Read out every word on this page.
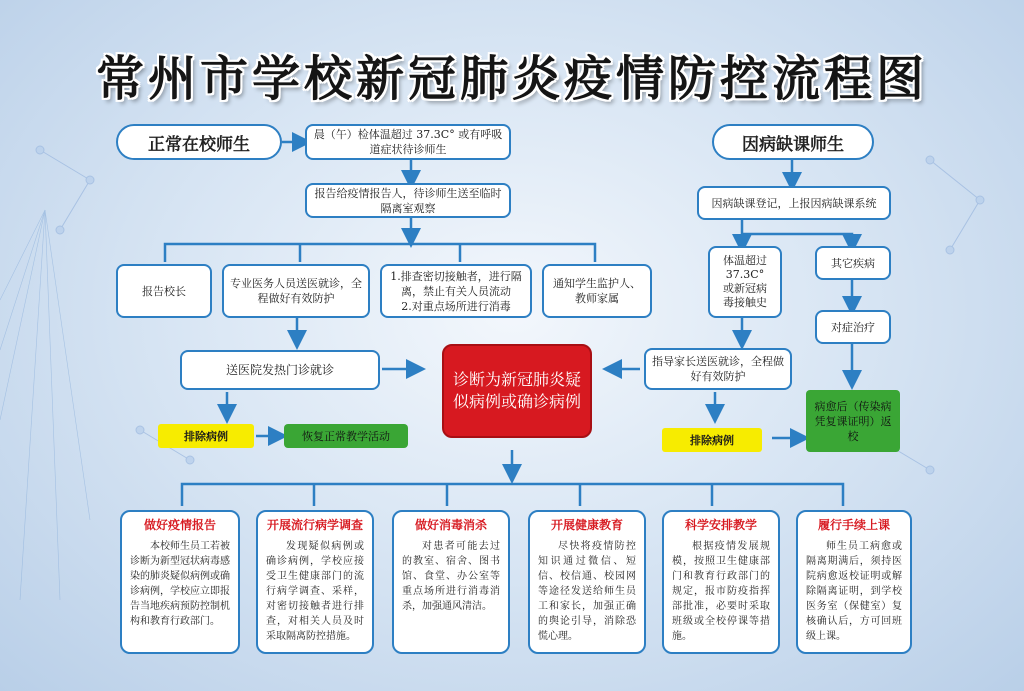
常州市学校新冠肺炎疫情防控流程图
正常在校师生	因病缺课师生
晨（午）检体温超过 37.3C° 或有呼吸道症状待诊师生
报告给疫情报告人，待诊师生送至临时隔离室观察
报告校长
专业医务人员送医就诊，全程做好有效防护
1.排查密切接触者，进行隔离，禁止有关人员流动
2.对重点场所进行消毒
通知学生监护人、教师家属
送医院发热门诊就诊
诊断为新冠肺炎疑似病例或确诊病例
排除病例	恢复正常教学活动
因病缺课登记，上报因病缺课系统
体温超过
37.3C°
或新冠病
毒接触史
其它疾病
对症治疗
指导家长送医就诊，全程做好有效防护
排除病例
病愈后（传染病凭复课证明）返校
做好疫情报告
本校师生员工若被诊断为新型冠状病毒感染的肺炎疑似病例或确诊病例，学校应立即报告当地疾病预防控制机构和教育行政部门。
开展流行病学调查
发现疑似病例或确诊病例，学校应接受卫生健康部门的流行病学调查、采样，对密切接触者进行排查，对相关人员及时采取隔离防控措施。
做好消毒消杀
对患者可能去过的教室、宿舍、图书馆、食堂、办公室等重点场所进行消毒消杀，加强通风清洁。
开展健康教育
尽快将疫情防控知识通过微信、短信、校信通、校园网等途径发送给师生员工和家长，加强正确的舆论引导，消除恐慌心理。
科学安排教学
根据疫情发展规模，按照卫生健康部门和教育行政部门的规定，报市防疫指挥部批准，必要时采取班级或全校停课等措施。
履行手续上课
师生员工病愈或隔离期满后，须持医院病愈返校证明或解除隔离证明，到学校医务室（保健室）复核确认后，方可回班级上课。
